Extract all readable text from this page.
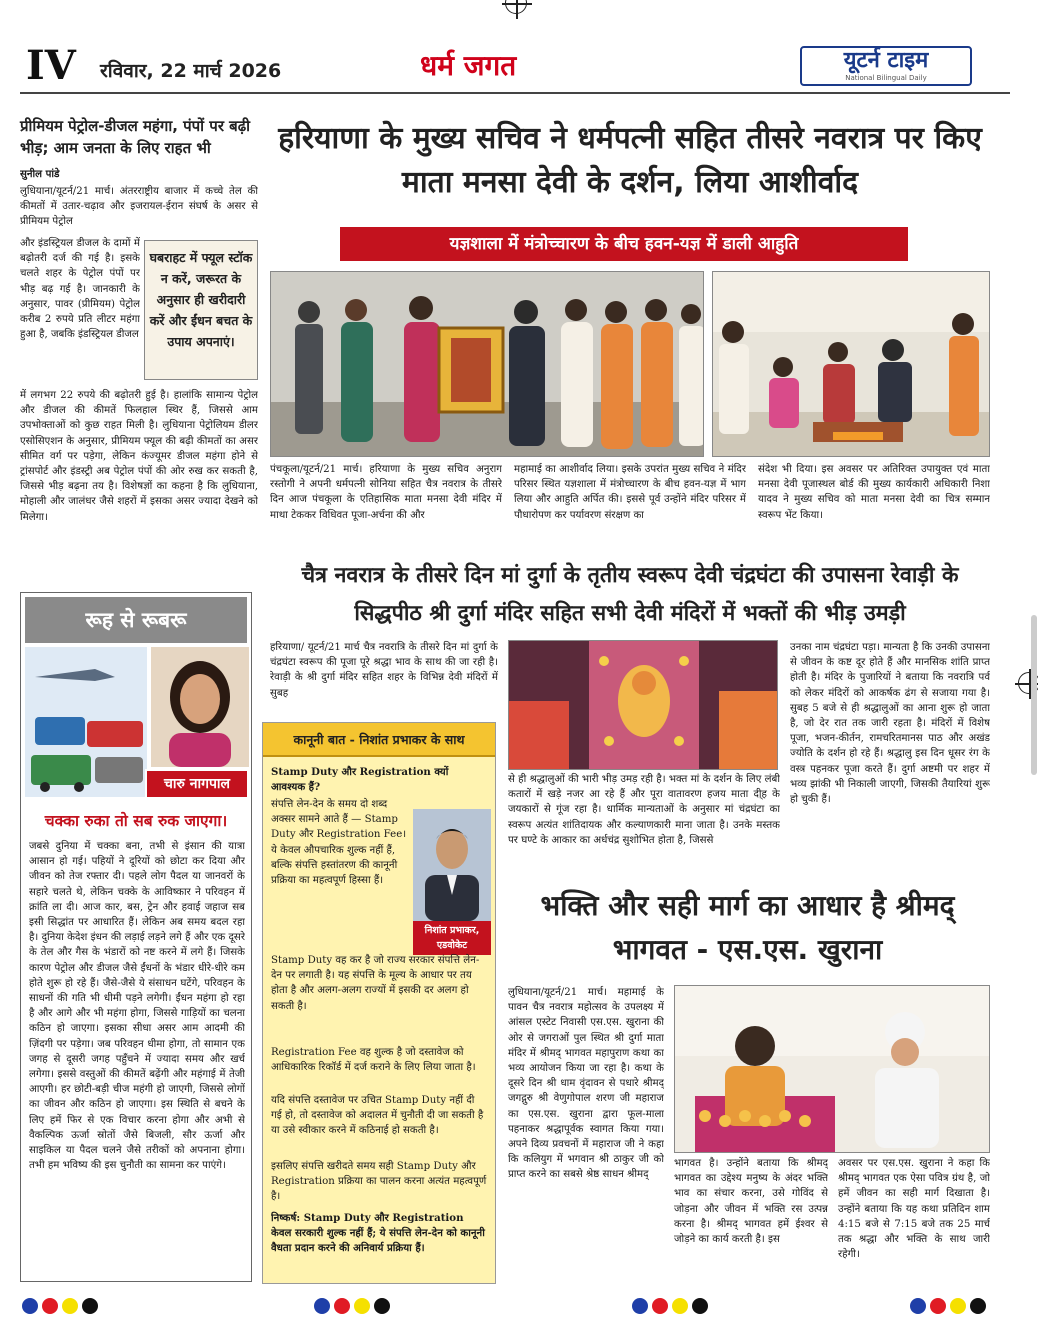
IV रविवार, 22 मार्च 2026	धर्म जगत	यूटर्न टाइम
National Bilingual Daily
प्रीमियम पेट्रोल-डीजल महंगा, पंपों पर बढ़ी भीड़; आम जनता के लिए राहत भी
सुनील पांडे
लुधियाना/यूटर्न/21 मार्च। अंतरराष्ट्रीय बाजार में कच्चे तेल की कीमतों में उतार-चढ़ाव और इजरायल-ईरान संघर्ष के असर से प्रीमियम पेट्रोल
और इंडस्ट्रियल डीजल के दामों में बढ़ोतरी दर्ज की गई है। इसके चलते शहर के पेट्रोल पंपों पर भीड़ बढ़ गई है। जानकारी के अनुसार, पावर (प्रीमियम) पेट्रोल करीब 2 रुपये प्रति लीटर महंगा हुआ है, जबकि इंडस्ट्रियल डीजल
घबराहट में फ्यूल स्टॉक न करें, जरूरत के अनुसार ही खरीदारी करें और ईंधन बचत के उपाय अपनाएं।
में लगभग 22 रुपये की बढ़ोतरी हुई है। हालांकि सामान्य पेट्रोल और डीजल की कीमतें फिलहाल स्थिर हैं, जिससे आम उपभोक्ताओं को कुछ राहत मिली है। लुधियाना पेट्रोलियम डीलर एसोसिएशन के अनुसार, प्रीमियम फ्यूल की बढ़ी कीमतों का असर सीमित वर्ग पर पड़ेगा, लेकिन कंज्यूमर डीजल महंगा होने से ट्रांसपोर्ट और इंडस्ट्री अब पेट्रोल पंपों की ओर रुख कर सकती है, जिससे भीड़ बढ़ना तय है। विशेषज्ञों का कहना है कि लुधियाना, मोहाली और जालंधर जैसे शहरों में इसका असर ज्यादा देखने को मिलेगा।
हरियाणा के मुख्य सचिव ने धर्मपत्नी सहित तीसरे नवरात्र पर किए माता मनसा देवी के दर्शन, लिया आशीर्वाद
यज्ञशाला में मंत्रोच्चारण के बीच हवन-यज्ञ में डाली आहुति
पंचकूला/यूटर्न/21 मार्च। हरियाणा के मुख्य सचिव अनुराग रस्तोगी ने अपनी धर्मपत्नी सोनिया सहित चैत्र नवरात्र के तीसरे दिन आज पंचकूला के एतिहासिक माता मनसा देवी मंदिर में माथा टेककर विधिवत पूजा-अर्चना की और
महामाई का आशीर्वाद लिया। इसके उपरांत मुख्य सचिव ने मंदिर परिसर स्थित यज्ञशाला में मंत्रोच्चारण के बीच हवन-यज्ञ में भाग लिया और आहुति अर्पित की। इससे पूर्व उन्होंने मंदिर परिसर में पौधारोपण कर पर्यावरण संरक्षण का
संदेश भी दिया। इस अवसर पर अतिरिक्त उपायुक्त एवं माता मनसा देवी पूजास्थल बोर्ड की मुख्य कार्यकारी अधिकारी निशा यादव ने मुख्य सचिव को माता मनसा देवी का चित्र सम्मान स्वरूप भेंट किया।
चैत्र नवरात्र के तीसरे दिन मां दुर्गा के तृतीय स्वरूप देवी चंद्रघंटा की उपासना रेवाड़ी के सिद्धपीठ श्री दुर्गा मंदिर सहित सभी देवी मंदिरों में भक्तों की भीड़ उमड़ी
रूह से रूबरू
चारु नागपाल
चक्का रुका तो सब रुक जाएगा।
जबसे दुनिया में चक्का बना, तभी से इंसान की यात्रा आसान हो गई। पहियों ने दूरियों को छोटा कर दिया और जीवन को तेज रफ्तार दी। पहले लोग पैदल या जानवरों के सहारे चलते थे, लेकिन चक्के के आविष्कार ने परिवहन में क्रांति ला दी। आज कार, बस, ट्रेन और हवाई जहाज सब इसी सिद्धांत पर आधारित हैं। लेकिन अब समय बदल रहा है। दुनिया केदेश इंधन की लड़ाई लड़ने लगे हैं और एक दूसरे के तेल और गैस के भंडारों को नष्ट करने में लगे हैं। जिसके कारण पेट्रोल और डीजल जैसे ईंधनों के भंडार धीरे-धीरे कम होते शुरू हो रहे हैं। जैसे-जैसे ये संसाधन घटेंगे, परिवहन के साधनों की गति भी धीमी पड़ने लगेगी। ईंधन महंगा हो रहा है और आगे और भी महंगा होगा, जिससे गाड़ियों का चलना कठिन हो जाएगा। इसका सीधा असर आम आदमी की ज़िंदगी पर पड़ेगा। जब परिवहन धीमा होगा, तो सामान एक जगह से दूसरी जगह पहुँचने में ज्यादा समय और खर्च लगेगा। इससे वस्तुओं की कीमतें बढ़ेंगी और महंगाई में तेजी आएगी। हर छोटी-बड़ी चीज महंगी हो जाएगी, जिससे लोगों का जीवन और कठिन हो जाएगा। इस स्थिति से बचने के लिए हमें फिर से एक विचार करना होगा और अभी से वैकल्पिक ऊर्जा स्रोतों जैसे बिजली, सौर ऊर्जा और साइकिल या पैदल चलने जैसे तरीकों को अपनाना होगा। तभी हम भविष्य की इस चुनौती का सामना कर पाएंगे।
हरियाणा/ यूटर्न/21 मार्च चैत्र नवरात्रि के तीसरे दिन मां दुर्गा के चंद्रघंटा स्वरूप की पूजा पूरे श्रद्धा भाव के साथ की जा रही है। रेवाड़ी के श्री दुर्गा मंदिर सहित शहर के विभिन्न देवी मंदिरों में सुबह
उनका नाम चंद्रघंटा पड़ा। मान्यता है कि उनकी उपासना से जीवन के कष्ट दूर होते हैं और मानसिक शांति प्राप्त होती है। मंदिर के पुजारियों ने बताया कि नवरात्रि पर्व को लेकर मंदिरों को आकर्षक ढंग से सजाया गया है। सुबह 5 बजे से ही श्रद्धालुओं का आना शुरू हो जाता है, जो देर रात तक जारी रहता है। मंदिरों में विशेष पूजा, भजन-कीर्तन, रामचरितमानस पाठ और अखंड ज्योति के दर्शन हो रहे हैं। श्रद्धालु इस दिन धूसर रंग के वस्त्र पहनकर पूजा करते हैं। दुर्गा अष्टमी पर शहर में भव्य झांकी भी निकाली जाएगी, जिसकी तैयारियां शुरू हो चुकी हैं।
से ही श्रद्धालुओं की भारी भीड़ उमड़ रही है। भक्त मां के दर्शन के लिए लंबी कतारों में खड़े नजर आ रहे हैं और पूरा वातावरण हजय माता दी्ह के जयकारों से गूंज रहा है। धार्मिक मान्यताओं के अनुसार मां चंद्रघंटा का स्वरूप अत्यंत शांतिदायक और कल्याणकारी माना जाता है। उनके मस्तक पर घण्टे के आकार का अर्धचंद्र सुशोभित होता है, जिससे
कानूनी बात - निशांत प्रभाकर के साथ
Stamp Duty और Registration क्यों आवश्यक हैं?
संपत्ति लेन-देन के समय दो शब्द अक्सर सामने आते हैं — Stamp Duty और Registration Fee। ये केवल औपचारिक शुल्क नहीं हैं, बल्कि संपत्ति हस्तांतरण की कानूनी प्रक्रिया का महत्वपूर्ण हिस्सा हैं।
निशांत प्रभाकर, एडवोकेट
Stamp Duty वह कर है जो राज्य सरकार संपत्ति लेन-देन पर लगाती है। यह संपत्ति के मूल्य के आधार पर तय होता है और अलग-अलग राज्यों में इसकी दर अलग हो सकती है।
Registration Fee वह शुल्क है जो दस्तावेज को आधिकारिक रिकॉर्ड में दर्ज कराने के लिए लिया जाता है।
यदि संपत्ति दस्तावेज पर उचित Stamp Duty नहीं दी गई हो, तो दस्तावेज को अदालत में चुनौती दी जा सकती है या उसे स्वीकार करने में कठिनाई हो सकती है।
इसलिए संपत्ति खरीदते समय सही Stamp Duty और Registration प्रक्रिया का पालन करना अत्यंत महत्वपूर्ण है।
निष्कर्ष: Stamp Duty और Registration केवल सरकारी शुल्क नहीं हैं; ये संपत्ति लेन-देन को कानूनी वैधता प्रदान करने की अनिवार्य प्रक्रिया हैं।
भक्ति और सही मार्ग का आधार है श्रीमद् भागवत - एस.एस. खुराना
लुधियाना/यूटर्न/21 मार्च। महामाई के पावन चैत्र नवरात्र महोत्सव के उपलक्ष्य में आंसल एस्टेट निवासी एस.एस. खुराना की ओर से जगराओं पुल स्थित श्री दुर्गा माता मंदिर में श्रीमद् भागवत महापुराण कथा का भव्य आयोजन किया जा रहा है। कथा के दूसरे दिन श्री धाम वृंदावन से पधारे श्रीमद् जगद्गुरु श्री वेणुगोपाल शरण जी महाराज का एस.एस. खुराना द्वारा फूल-माला पहनाकर श्रद्धापूर्वक स्वागत किया गया।अपने दिव्य प्रवचनों में महाराज जी ने कहा कि कलियुग में भगवान श्री ठाकुर जी को प्राप्त करने का सबसे श्रेष्ठ साधन श्रीमद्
भागवत है। उन्होंने बताया कि श्रीमद् भागवत का उद्देश्य मनुष्य के अंदर भक्ति भाव का संचार करना, उसे गोविंद से जोड़ना और जीवन में भक्ति रस उत्पन्न करना है। श्रीमद् भागवत हमें ईश्वर से जोड़ने का कार्य करती है। इस
अवसर पर एस.एस. खुराना ने कहा कि श्रीमद् भागवत एक ऐसा पवित्र ग्रंथ है, जो हमें जीवन का सही मार्ग दिखाता है। उन्होंने बताया कि यह कथा प्रतिदिन शाम 4:15 बजे से 7:15 बजे तक 25 मार्च तक श्रद्धा और भक्ति के साथ जारी रहेगी।
